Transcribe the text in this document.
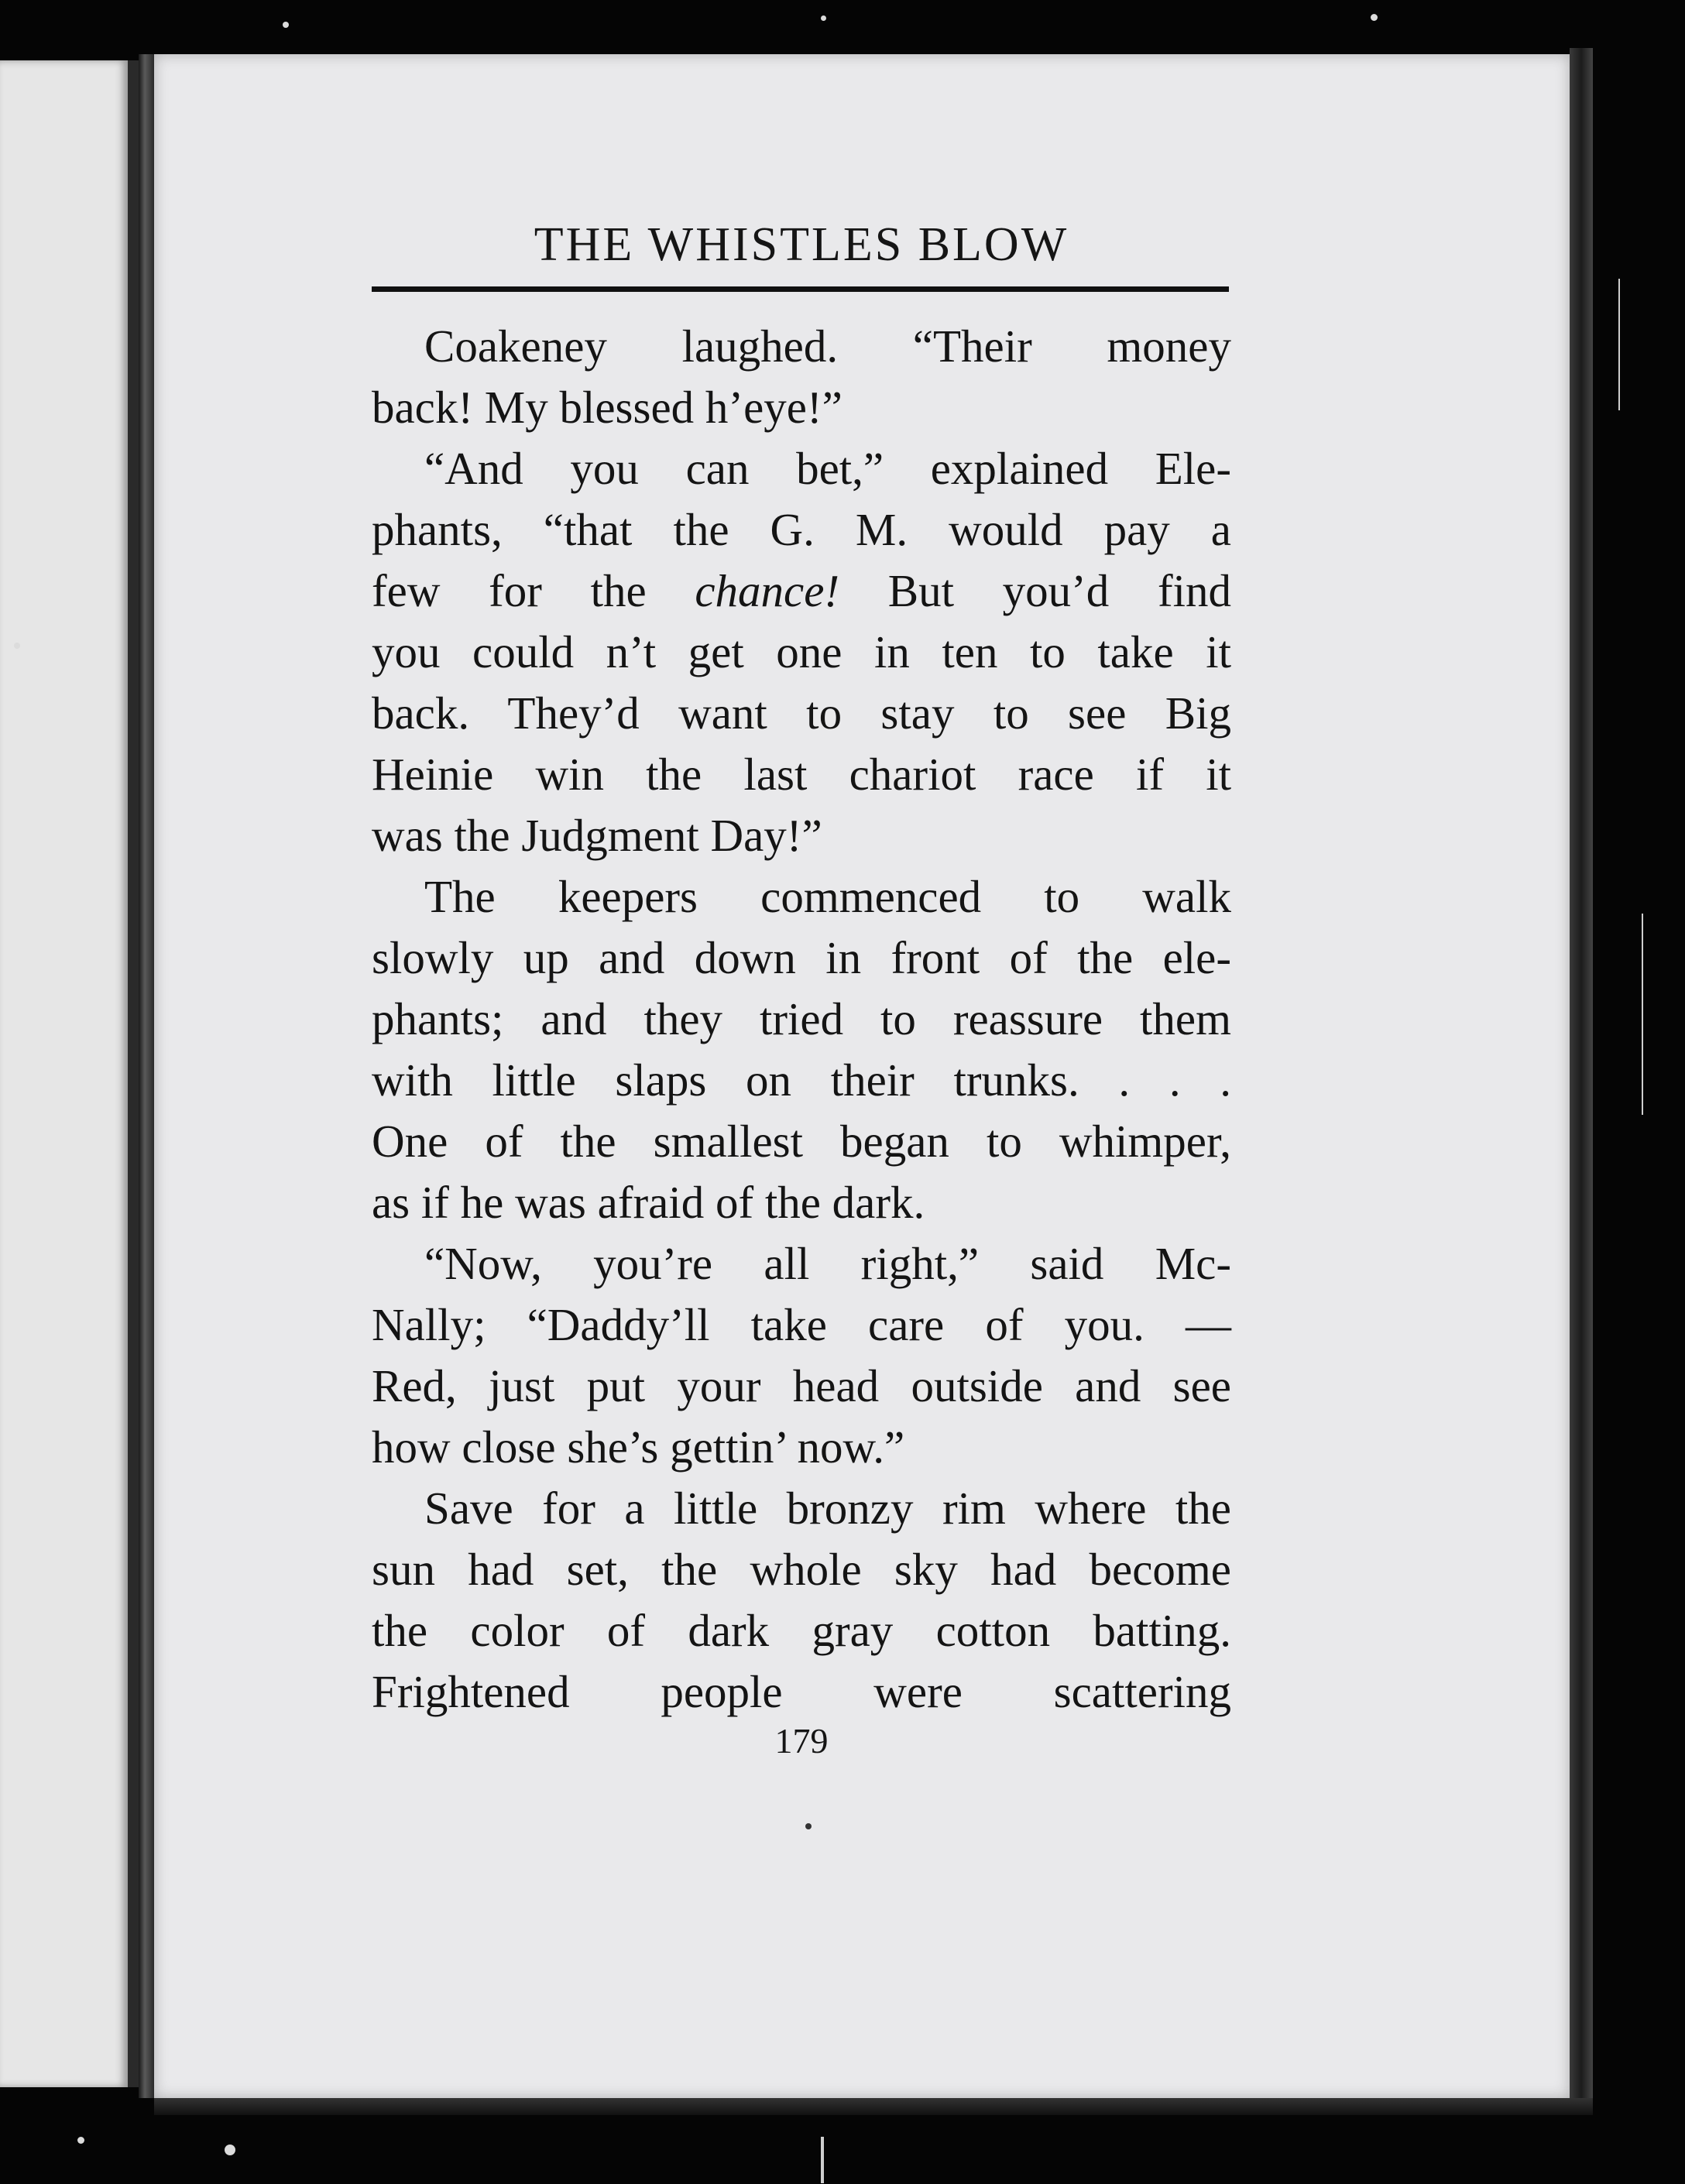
THE WHISTLES BLOW
Coakeney laughed. “Their money
back! My blessed h’eye!”
“And you can bet,” explained Ele-
phants, “that the G. M. would pay a
few for the chance! But you’d find
you could n’t get one in ten to take it
back. They’d want to stay to see Big
Heinie win the last chariot race if it
was the Judgment Day!”
The keepers commenced to walk
slowly up and down in front of the ele-
phants; and they tried to reassure them
with little slaps on their trunks. . . .
One of the smallest began to whimper,
as if he was afraid of the dark.
“Now, you’re all right,” said Mc-
Nally; “Daddy’ll take care of you. —
Red, just put your head outside and see
how close she’s gettin’ now.”
Save for a little bronzy rim where the
sun had set, the whole sky had become
the color of dark gray cotton batting.
Frightened people were scattering
179
